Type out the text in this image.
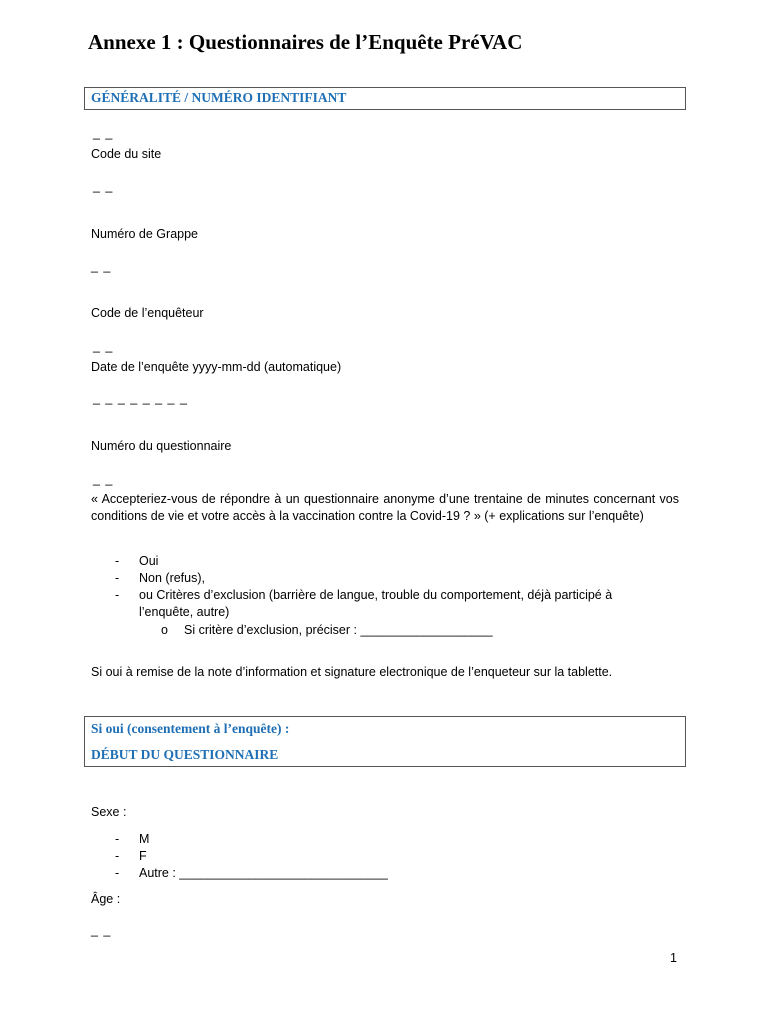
Annexe 1 : Questionnaires de l’Enquête PréVAC
GÉNÉRALITÉ / NUMÉRO IDENTIFIANT
_ _
Code du site
_ _
Numéro de Grappe
_ _
Code de l’enquêteur
_ _
Date de l’enquête yyyy-mm-dd (automatique)
_ _ _ _ _ _ _ _
Numéro du questionnaire
_ _
« Accepteriez-vous de répondre à un questionnaire anonyme d’une trentaine de minutes concernant vos conditions de vie et votre accès à la vaccination contre la Covid-19 ? » (+ explications sur l’enquête)
- Oui
- Non (refus),
- ou Critères d’exclusion (barrière de langue, trouble du comportement, déjà participé à
l’enquête, autre)
o Si critère d’exclusion, préciser : ___________________
Si oui à remise de la note d’information et signature electronique de l’enqueteur sur la tablette.
Si oui (consentement à l’enquête) :
DÉBUT DU QUESTIONNAIRE
Sexe :
- M
- F
- Autre : ______________________________
Âge :
_ _
1
